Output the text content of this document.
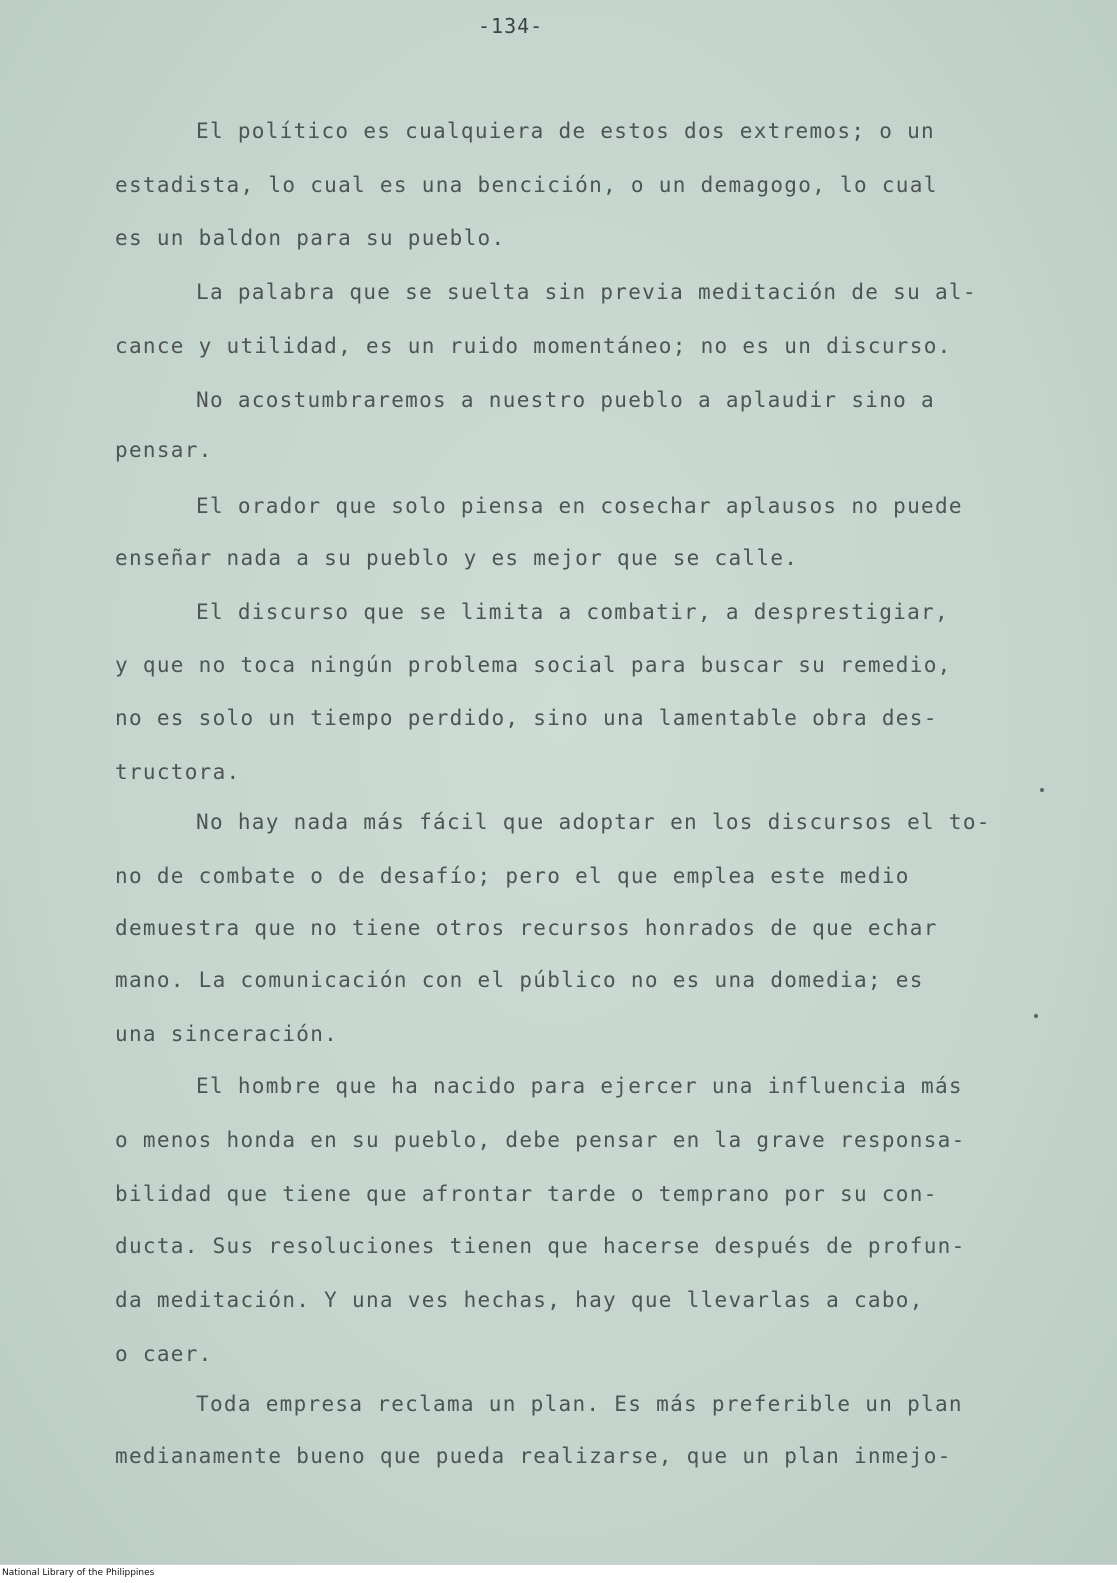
-134-
El político es cualquiera de estos dos extremos; o un
estadista, lo cual es una bencición, o un demagogo, lo cual
es un baldon para su pueblo.
La palabra que se suelta sin previa meditación de su al-
cance y utilidad, es un ruido momentáneo; no es un discurso.
No acostumbraremos a nuestro pueblo a aplaudir sino a
pensar.
El orador que solo piensa en cosechar aplausos no puede
enseñar nada a su pueblo y es mejor que se calle.
El discurso que se limita a combatir, a desprestigiar,
y que no toca ningún problema social para buscar su remedio,
no es solo un tiempo perdido, sino una lamentable obra des-
tructora.
No hay nada más fácil que adoptar en los discursos el to-
no de combate o de desafío; pero el que emplea este medio
demuestra que no tiene otros recursos honrados de que echar
mano. La comunicación con el público no es una domedia; es
una sinceración.
El hombre que ha nacido para ejercer una influencia más
o menos honda en su pueblo, debe pensar en la grave responsa-
bilidad que tiene que afrontar tarde o temprano por su con-
ducta. Sus resoluciones tienen que hacerse después de profun-
da meditación. Y una ves hechas, hay que llevarlas a cabo,
o caer.
Toda empresa reclama un plan. Es más preferible un plan
medianamente bueno que pueda realizarse, que un plan inmejo-
National Library of the Philippines
